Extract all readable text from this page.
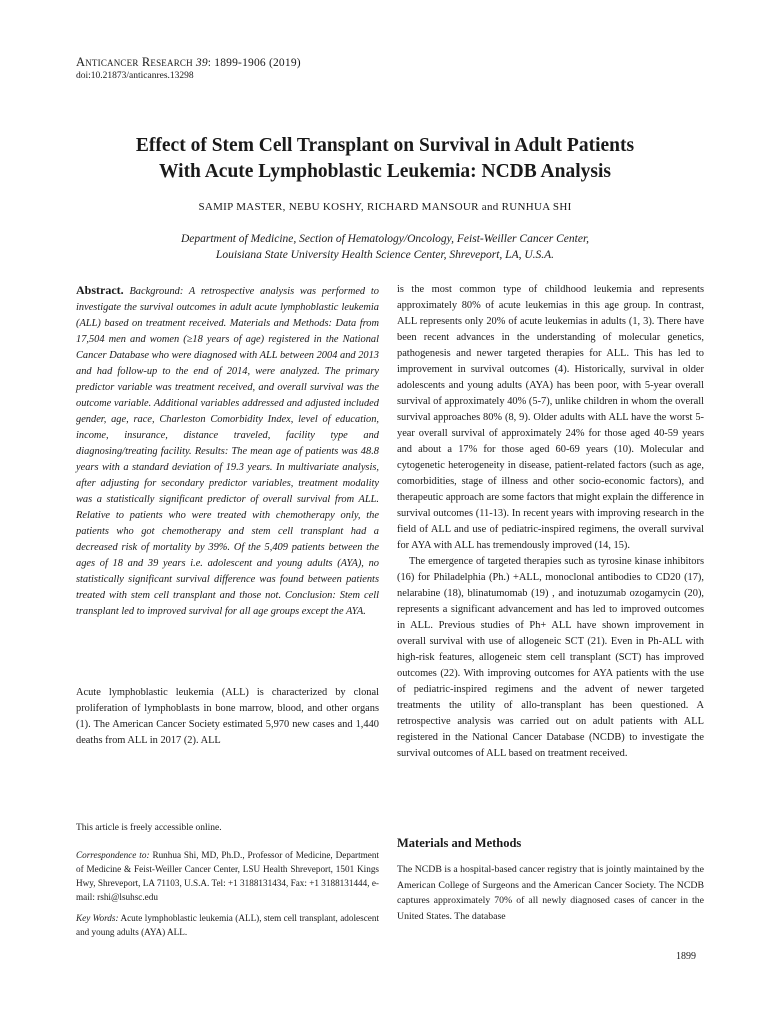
Anticancer Research 39: 1899-1906 (2019)
doi:10.21873/anticanres.13298
Effect of Stem Cell Transplant on Survival in Adult Patients
With Acute Lymphoblastic Leukemia: NCDB Analysis
SAMIP MASTER, NEBU KOSHY, RICHARD MANSOUR and RUNHUA SHI
Department of Medicine, Section of Hematology/Oncology, Feist-Weiller Cancer Center,
Louisiana State University Health Science Center, Shreveport, LA, U.S.A.
Abstract. Background: A retrospective analysis was performed to investigate the survival outcomes in adult acute lymphoblastic leukemia (ALL) based on treatment received. Materials and Methods: Data from 17,504 men and women (≥18 years of age) registered in the National Cancer Database who were diagnosed with ALL between 2004 and 2013 and had follow-up to the end of 2014, were analyzed. The primary predictor variable was treatment received, and overall survival was the outcome variable. Additional variables addressed and adjusted included gender, age, race, Charleston Comorbidity Index, level of education, income, insurance, distance traveled, facility type and diagnosing/treating facility. Results: The mean age of patients was 48.8 years with a standard deviation of 19.3 years. In multivariate analysis, after adjusting for secondary predictor variables, treatment modality was a statistically significant predictor of overall survival from ALL. Relative to patients who were treated with chemotherapy only, the patients who got chemotherapy and stem cell transplant had a decreased risk of mortality by 39%. Of the 5,409 patients between the ages of 18 and 39 years i.e. adolescent and young adults (AYA), no statistically significant survival difference was found between patients treated with stem cell transplant and those not. Conclusion: Stem cell transplant led to improved survival for all age groups except the AYA.
Acute lymphoblastic leukemia (ALL) is characterized by clonal proliferation of lymphoblasts in bone marrow, blood, and other organs (1). The American Cancer Society estimated 5,970 new cases and 1,440 deaths from ALL in 2017 (2). ALL
This article is freely accessible online.
Correspondence to: Runhua Shi, MD, Ph.D., Professor of Medicine, Department of Medicine & Feist-Weiller Cancer Center, LSU Health Shreveport, 1501 Kings Hwy, Shreveport, LA 71103, U.S.A. Tel: +1 3188131434, Fax: +1 3188131444, e-mail: rshi@lsuhsc.edu
Key Words: Acute lymphoblastic leukemia (ALL), stem cell transplant, adolescent and young adults (AYA) ALL.

is the most common type of childhood leukemia and represents approximately 80% of acute leukemias in this age group. In contrast, ALL represents only 20% of acute leukemias in adults (1, 3). There have been recent advances in the understanding of molecular genetics, pathogenesis and newer targeted therapies for ALL. This has led to improvement in survival outcomes (4). Historically, survival in older adolescents and young adults (AYA) has been poor, with 5-year overall survival of approximately 40% (5-7), unlike children in whom the overall survival approaches 80% (8, 9). Older adults with ALL have the worst 5-year overall survival of approximately 24% for those aged 40-59 years and about a 17% for those aged 60-69 years (10). Molecular and cytogenetic heterogeneity in disease, patient-related factors (such as age, comorbidities, stage of illness and other socio-economic factors), and therapeutic approach are some factors that might explain the difference in survival outcomes (11-13). In recent years with improving research in the field of ALL and use of pediatric-inspired regimens, the overall survival for AYA with ALL has tremendously improved (14, 15).

The emergence of targeted therapies such as tyrosine kinase inhibitors (16) for Philadelphia (Ph.) +ALL, monoclonal antibodies to CD20 (17), nelarabine (18), blinatumomab (19) , and inotuzumab ozogamycin (20), represents a significant advancement and has led to improved outcomes in ALL. Previous studies of Ph+ ALL have shown improvement in overall survival with use of allogeneic SCT (21). Even in Ph-ALL with high-risk features, allogeneic stem cell transplant (SCT) has improved outcomes (22). With improving outcomes for AYA patients with the use of pediatric-inspired regimens and the advent of newer targeted treatments the utility of allo-transplant has been questioned. A retrospective analysis was carried out on adult patients with ALL registered in the National Cancer Database (NCDB) to investigate the survival outcomes of ALL based on treatment received.

Materials and Methods
The NCDB is a hospital-based cancer registry that is jointly maintained by the American College of Surgeons and the American Cancer Society. The NCDB captures approximately 70% of all newly diagnosed cases of cancer in the United States. The database
1899
